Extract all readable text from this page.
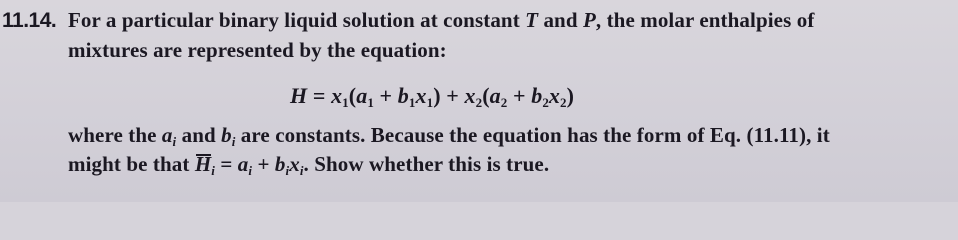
11.14. For a particular binary liquid solution at constant T and P, the molar enthalpies of
mixtures are represented by the equation:
$H = x_1(a_1 + b_1x_1) + x_2(a_2 + b_2x_2)$
where the $a_i$ and $b_i$ are constants. Because the equation has the form of Eq. (11.11), it
might be that $H_i = a_i + b_ix_i$. Show whether this is true.
